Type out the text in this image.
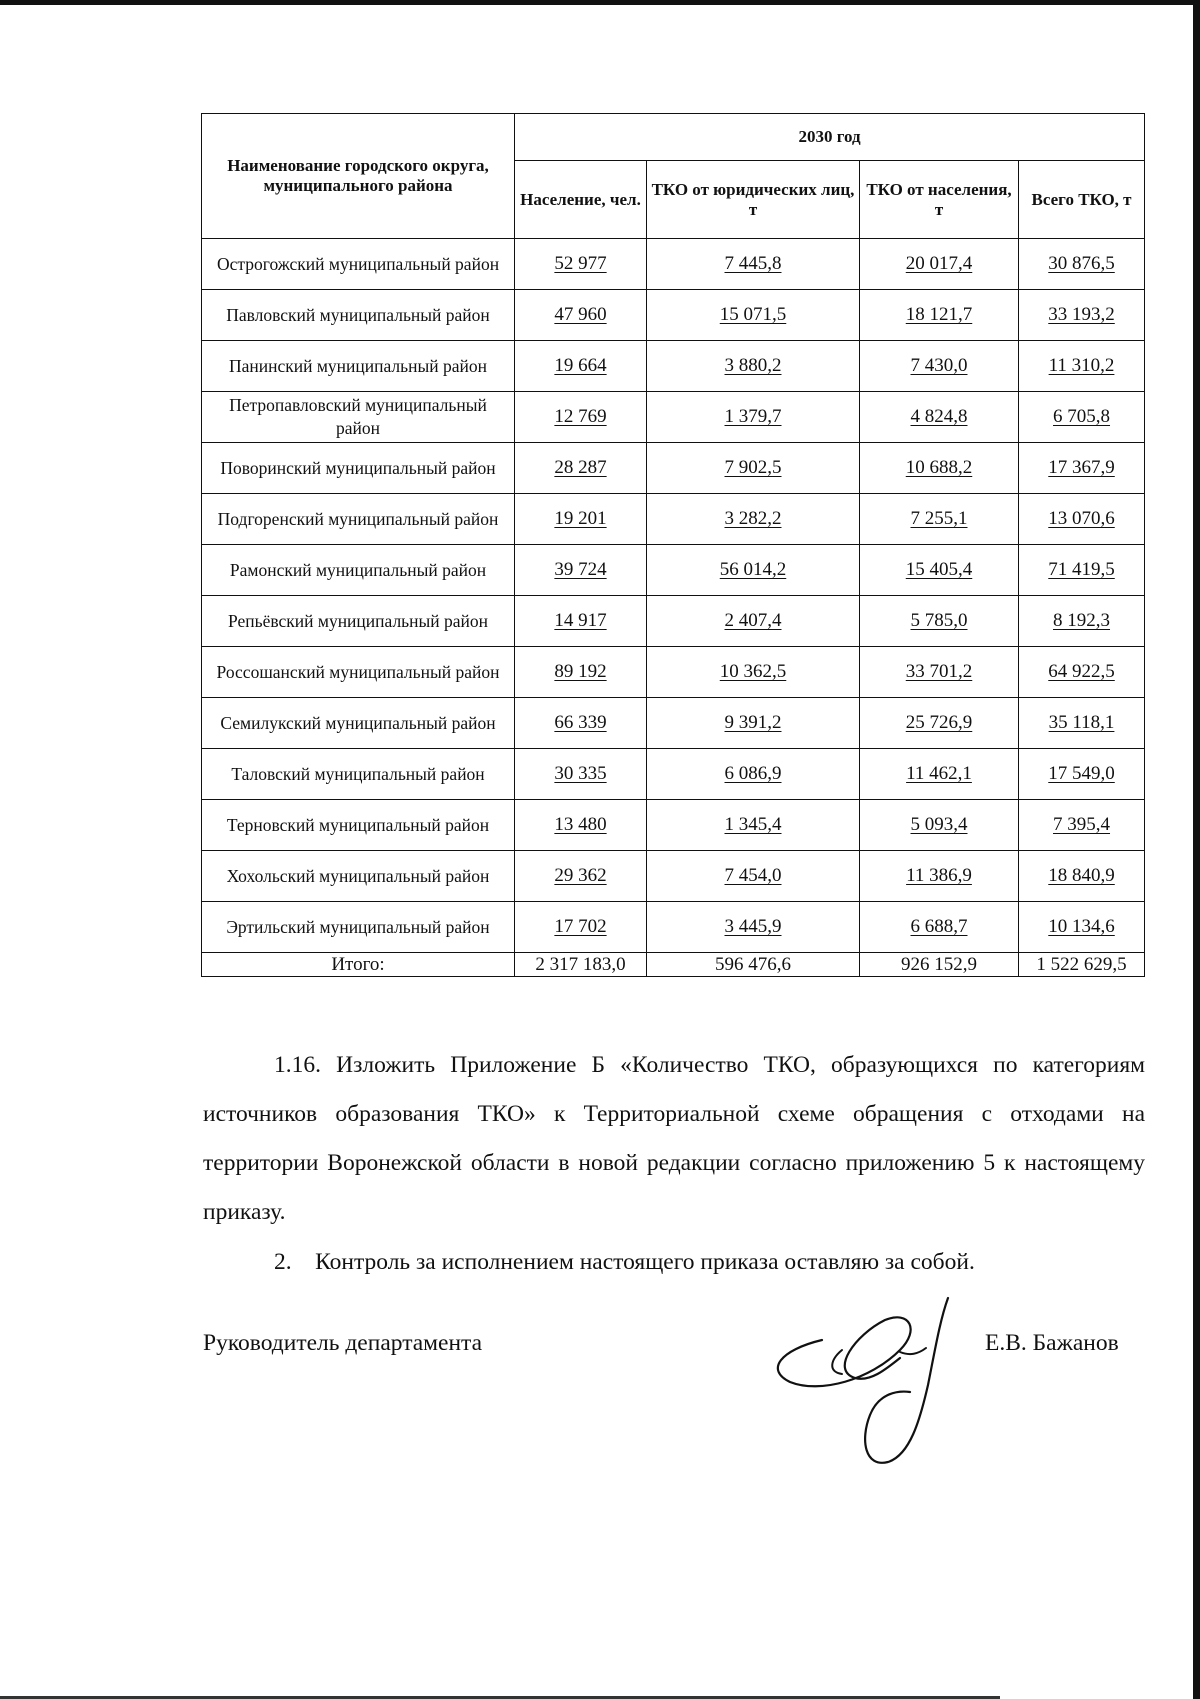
Наименование городского округа, муниципального района	2030 год			
	Население, чел.	ТКО от юридических лиц, т	ТКО от населения, т	Всего ТКО, т
Острогожский муниципальный район	52 977	7 445,8	20 017,4	30 876,5
Павловский муниципальный район	47 960	15 071,5	18 121,7	33 193,2
Панинский муниципальный район	19 664	3 880,2	7 430,0	11 310,2
Петропавловский муниципальный район	12 769	1 379,7	4 824,8	6 705,8
Поворинский муниципальный район	28 287	7 902,5	10 688,2	17 367,9
Подгоренский муниципальный район	19 201	3 282,2	7 255,1	13 070,6
Рамонский муниципальный район	39 724	56 014,2	15 405,4	71 419,5
Репьёвский муниципальный район	14 917	2 407,4	5 785,0	8 192,3
Россошанский муниципальный район	89 192	10 362,5	33 701,2	64 922,5
Семилукский муниципальный район	66 339	9 391,2	25 726,9	35 118,1
Таловский муниципальный район	30 335	6 086,9	11 462,1	17 549,0
Терновский муниципальный район	13 480	1 345,4	5 093,4	7 395,4
Хохольский муниципальный район	29 362	7 454,0	11 386,9	18 840,9
Эртильский муниципальный район	17 702	3 445,9	6 688,7	10 134,6
Итого:	2 317 183,0	596 476,6	926 152,9	1 522 629,5

1.16. Изложить Приложение Б «Количество ТКО, образующихся по категориям источников образования ТКО» к Территориальной схеме обращения с отходами на территории Воронежской области в новой редакции согласно приложению 5 к настоящему приказу.

2.    Контроль за исполнением настоящего приказа оставляю за собой.

Руководитель департамента	Е.В. Бажанов
